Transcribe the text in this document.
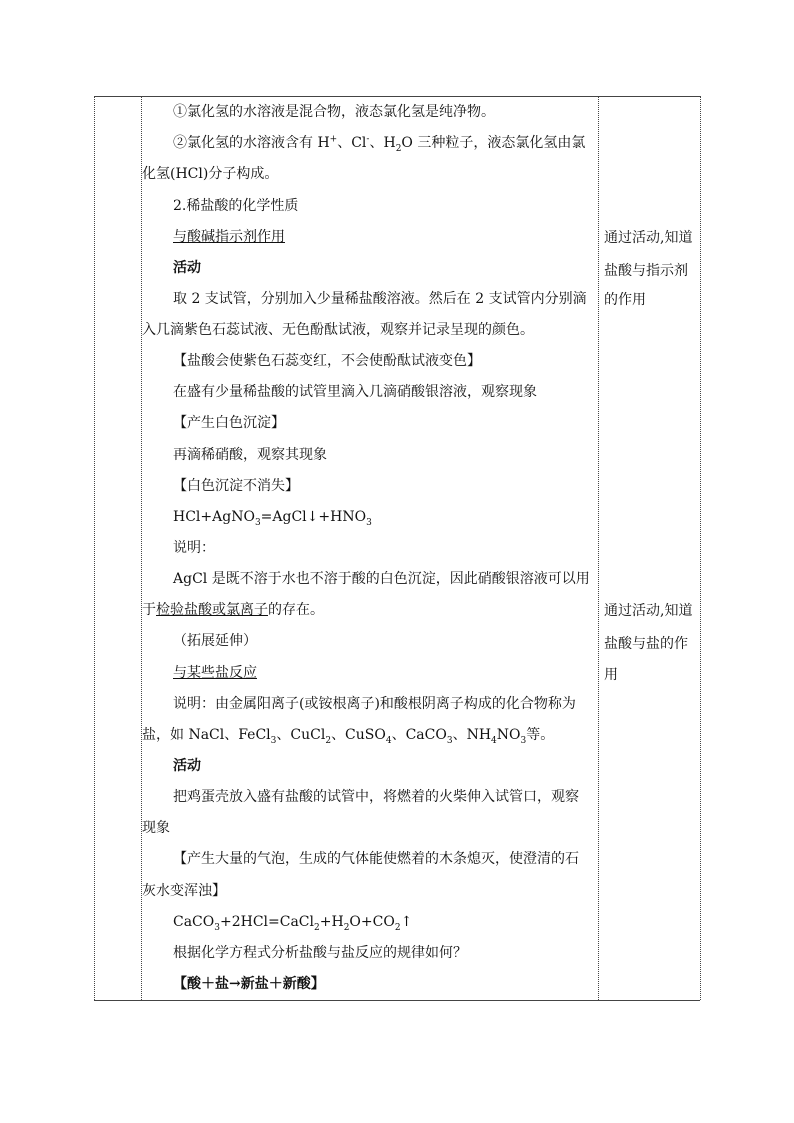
①氯化氢的水溶液是混合物，液态氯化氢是纯净物。
②氯化氢的水溶液含有 H+、Cl-、$H_2O$ 三种粒子，液态氯化氢由氯
化氢(HCl)分子构成。
2.稀盐酸的化学性质
与酸碱指示剂作用
活动
取 2 支试管，分别加入少量稀盐酸溶液。然后在 2 支试管内分别滴
入几滴紫色石蕊试液、无色酚酞试液，观察并记录呈现的颜色。
【盐酸会使紫色石蕊变红，不会使酚酞试液变色】
在盛有少量稀盐酸的试管里滴入几滴硝酸银溶液，观察现象
【产生白色沉淀】
再滴稀硝酸，观察其现象
【白色沉淀不消失】
$HCl+AgNO_3=AgCl↓+HNO_3$
说明：
AgCl 是既不溶于水也不溶于酸的白色沉淀，因此硝酸银溶液可以用
于检验盐酸或氯离子的存在。
（拓展延伸）
与某些盐反应
说明：由金属阳离子(或铵根离子)和酸根阴离子构成的化合物称为
盐，如 NaCl、FeCl$_3$、CuCl$_2$、CuSO$_4$、CaCO$_3$、$NH_4NO_3$等。
活动
把鸡蛋壳放入盛有盐酸的试管中，将燃着的火柴伸入试管口，观察
现象
【产生大量的气泡，生成的气体能使燃着的木条熄灭，使澄清的石
灰水变浑浊】
$CaCO_3+2HCl=CaCl_2+H_2O+CO_2↑$
根据化学方程式分析盐酸与盐反应的规律如何？
【酸＋盐→新盐＋新酸】
通过活动,知道
盐酸与指示剂
的作用
通过活动,知道
盐酸与盐的作
用
